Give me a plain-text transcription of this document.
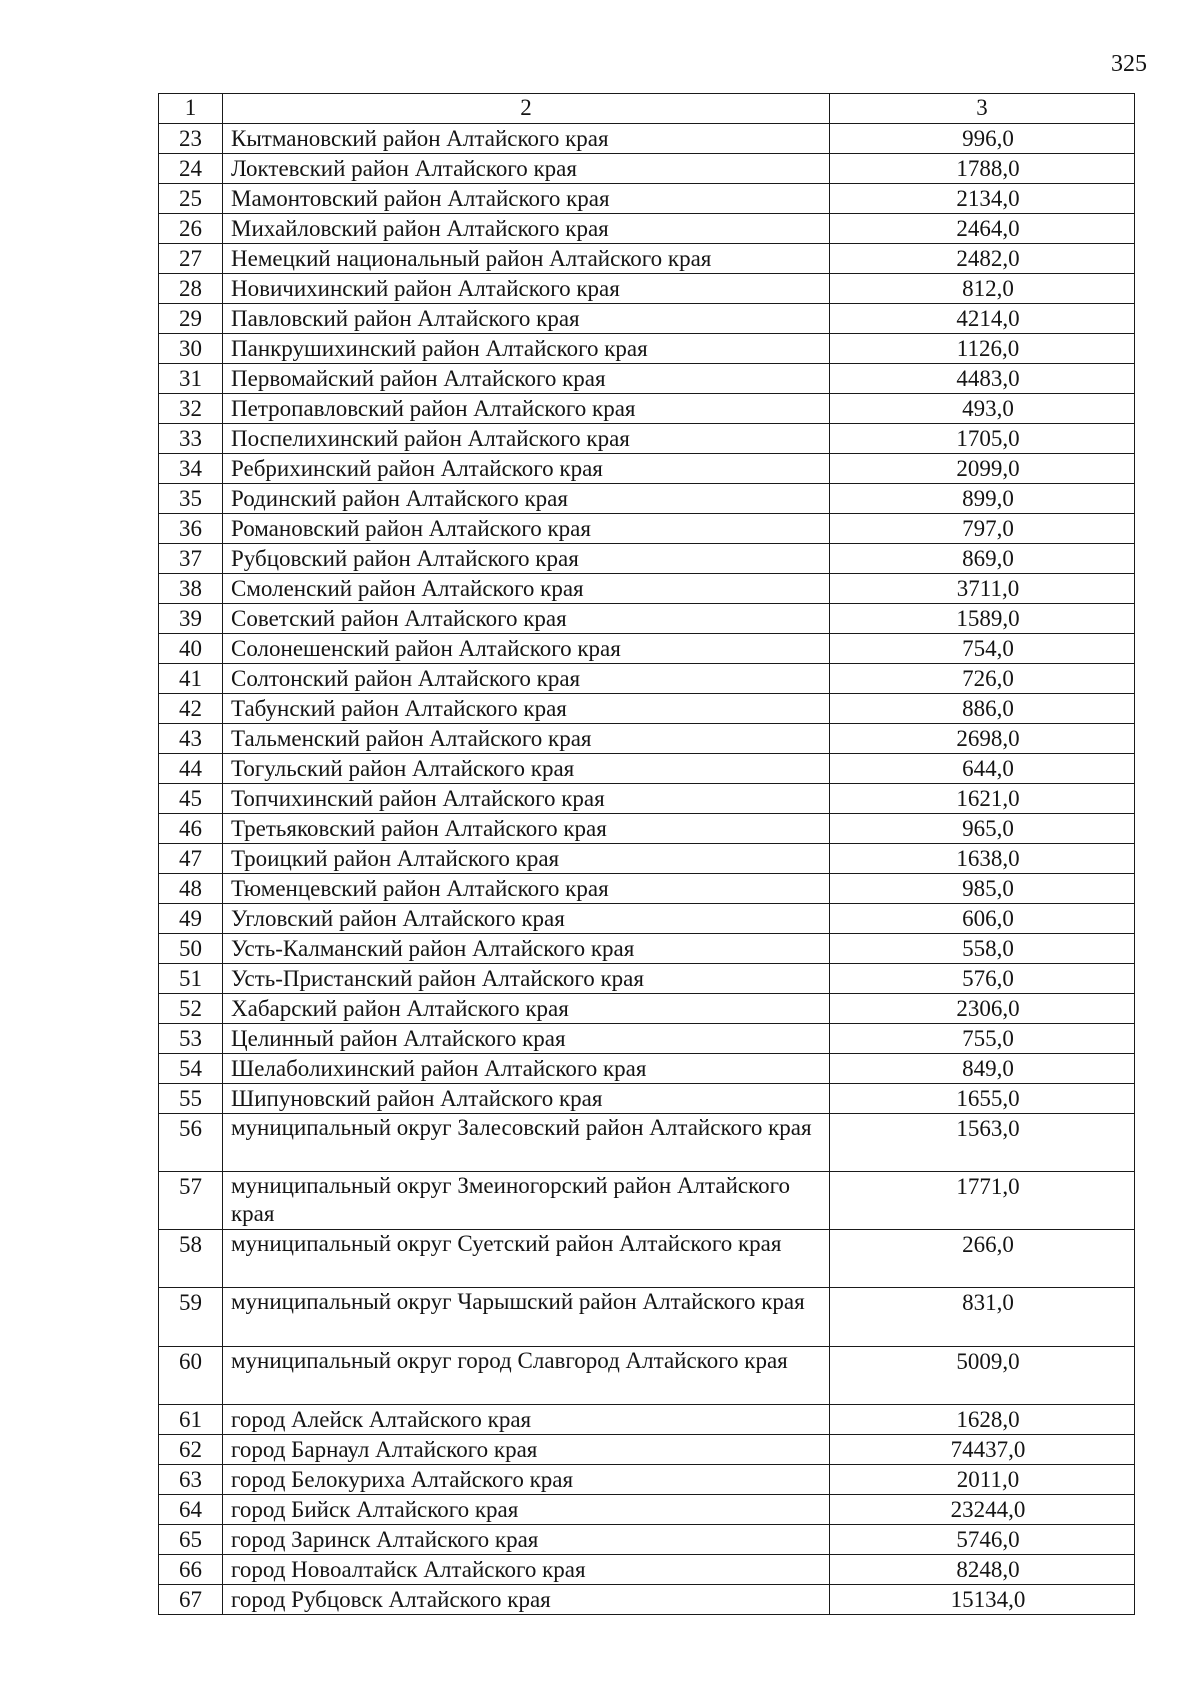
325
1	2	3
23	Кытмановский район Алтайского края	996,0
24	Локтевский район Алтайского края	1788,0
25	Мамонтовский район Алтайского края	2134,0
26	Михайловский район Алтайского края	2464,0
27	Немецкий национальный район Алтайского края	2482,0
28	Новичихинский район Алтайского края	812,0
29	Павловский район Алтайского края	4214,0
30	Панкрушихинский район Алтайского края	1126,0
31	Первомайский район Алтайского края	4483,0
32	Петропавловский район Алтайского края	493,0
33	Поспелихинский район Алтайского края	1705,0
34	Ребрихинский район Алтайского края	2099,0
35	Родинский район Алтайского края	899,0
36	Романовский район Алтайского края	797,0
37	Рубцовский район Алтайского края	869,0
38	Смоленский район Алтайского края	3711,0
39	Советский район Алтайского края	1589,0
40	Солонешенский район Алтайского края	754,0
41	Солтонский район Алтайского края	726,0
42	Табунский район Алтайского края	886,0
43	Тальменский район Алтайского края	2698,0
44	Тогульский район Алтайского края	644,0
45	Топчихинский район Алтайского края	1621,0
46	Третьяковский район Алтайского края	965,0
47	Троицкий район Алтайского края	1638,0
48	Тюменцевский район Алтайского края	985,0
49	Угловский район Алтайского края	606,0
50	Усть-Калманский район Алтайского края	558,0
51	Усть-Пристанский район Алтайского края	576,0
52	Хабарский район Алтайского края	2306,0
53	Целинный район Алтайского края	755,0
54	Шелаболихинский район Алтайского края	849,0
55	Шипуновский район Алтайского края	1655,0
56	муниципальный округ Залесовский район Алтайского края	1563,0
57	муниципальный округ Змеиногорский район Алтайского края	1771,0
58	муниципальный округ Суетский район Алтайского края	266,0
59	муниципальный округ Чарышский район Алтайского края	831,0
60	муниципальный округ город Славгород Алтайского края	5009,0
61	город Алейск Алтайского края	1628,0
62	город Барнаул Алтайского края	74437,0
63	город Белокуриха Алтайского края	2011,0
64	город Бийск Алтайского края	23244,0
65	город Заринск Алтайского края	5746,0
66	город Новоалтайск Алтайского края	8248,0
67	город Рубцовск Алтайского края	15134,0
